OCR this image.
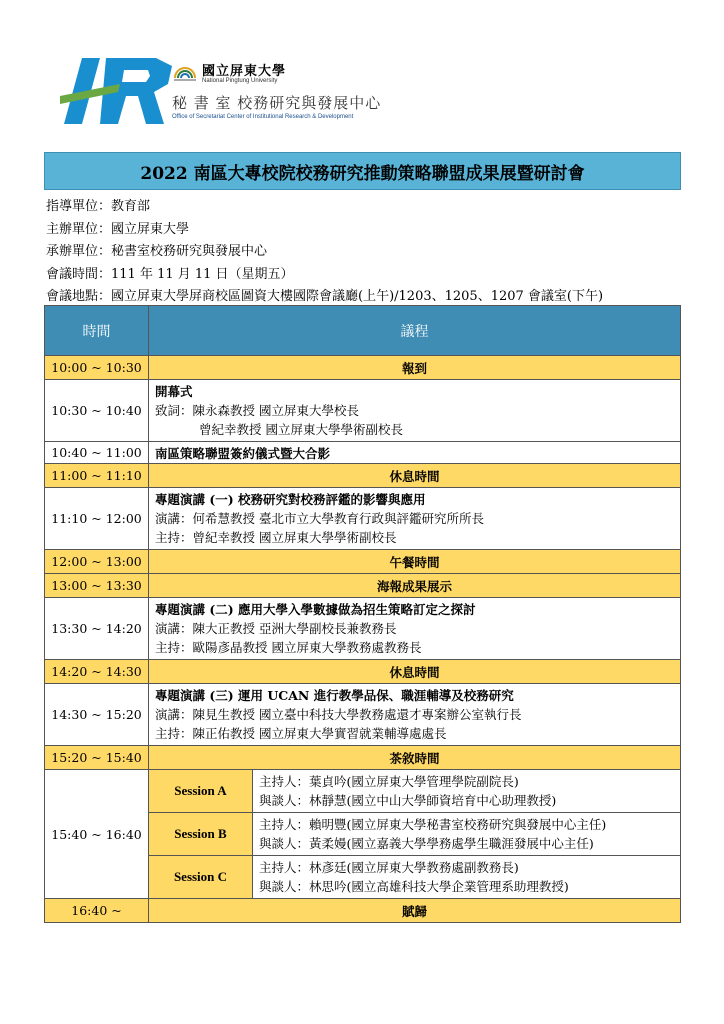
國立屏東大學
National Pingtung University
秘 書 室 校務研究與發展中心
Office of Secretariat Center of Institutional Research & Development
2022 南區大專校院校務研究推動策略聯盟成果展暨研討會
指導單位：教育部
主辦單位：國立屏東大學
承辦單位：秘書室校務研究與發展中心
會議時間：111 年 11 月 11 日（星期五）
會議地點：國立屏東大學屏商校區圖資大樓國際會議廳(上午)/1203、1205、1207 會議室(下午)
時間	議程	
10:00 ~ 10:30	報到	
10:30 ~ 10:40	開幕式
致詞：陳永森教授 國立屏東大學校長
曾紀幸教授 國立屏東大學學術副校長	

10:40 ~ 11:00	南區策略聯盟簽約儀式暨大合影	
11:00 ~ 11:10	休息時間	
11:10 ~ 12:00	專題演講 (一) 校務研究對校務評鑑的影響與應用
演講：何希慧教授 臺北市立大學教育行政與評鑑研究所所長
主持：曾紀幸教授 國立屏東大學學術副校長	

12:00 ~ 13:00	午餐時間	
13:00 ~ 13:30	海報成果展示	
13:30 ~ 14:20	專題演講 (二) 應用大學入學數據做為招生策略訂定之探討
演講：陳大正教授 亞洲大學副校長兼教務長
主持：歐陽彥晶教授 國立屏東大學教務處教務長	

14:20 ~ 14:30	休息時間	
14:30 ~ 15:20	專題演講 (三) 運用 UCAN 進行教學品保、職涯輔導及校務研究
演講：陳見生教授 國立臺中科技大學教務處還才專案辦公室執行長
主持：陳正佑教授 國立屏東大學實習就業輔導處處長	

15:20 ~ 15:40	茶敘時間	
15:40 ~ 16:40	Session A	主持人：葉貞吟(國立屏東大學管理學院副院長)
與談人：林靜慧(國立中山大學師資培育中心助理教授)

	Session B	主持人：賴明豐(國立屏東大學秘書室校務研究與發展中心主任)
與談人：黃柔嫚(國立嘉義大學學務處學生職涯發展中心主任)

	Session C	主持人：林彥廷(國立屏東大學教務處副教務長)
與談人：林思吟(國立高雄科技大學企業管理系助理教授)

16:40 ~	賦歸	
